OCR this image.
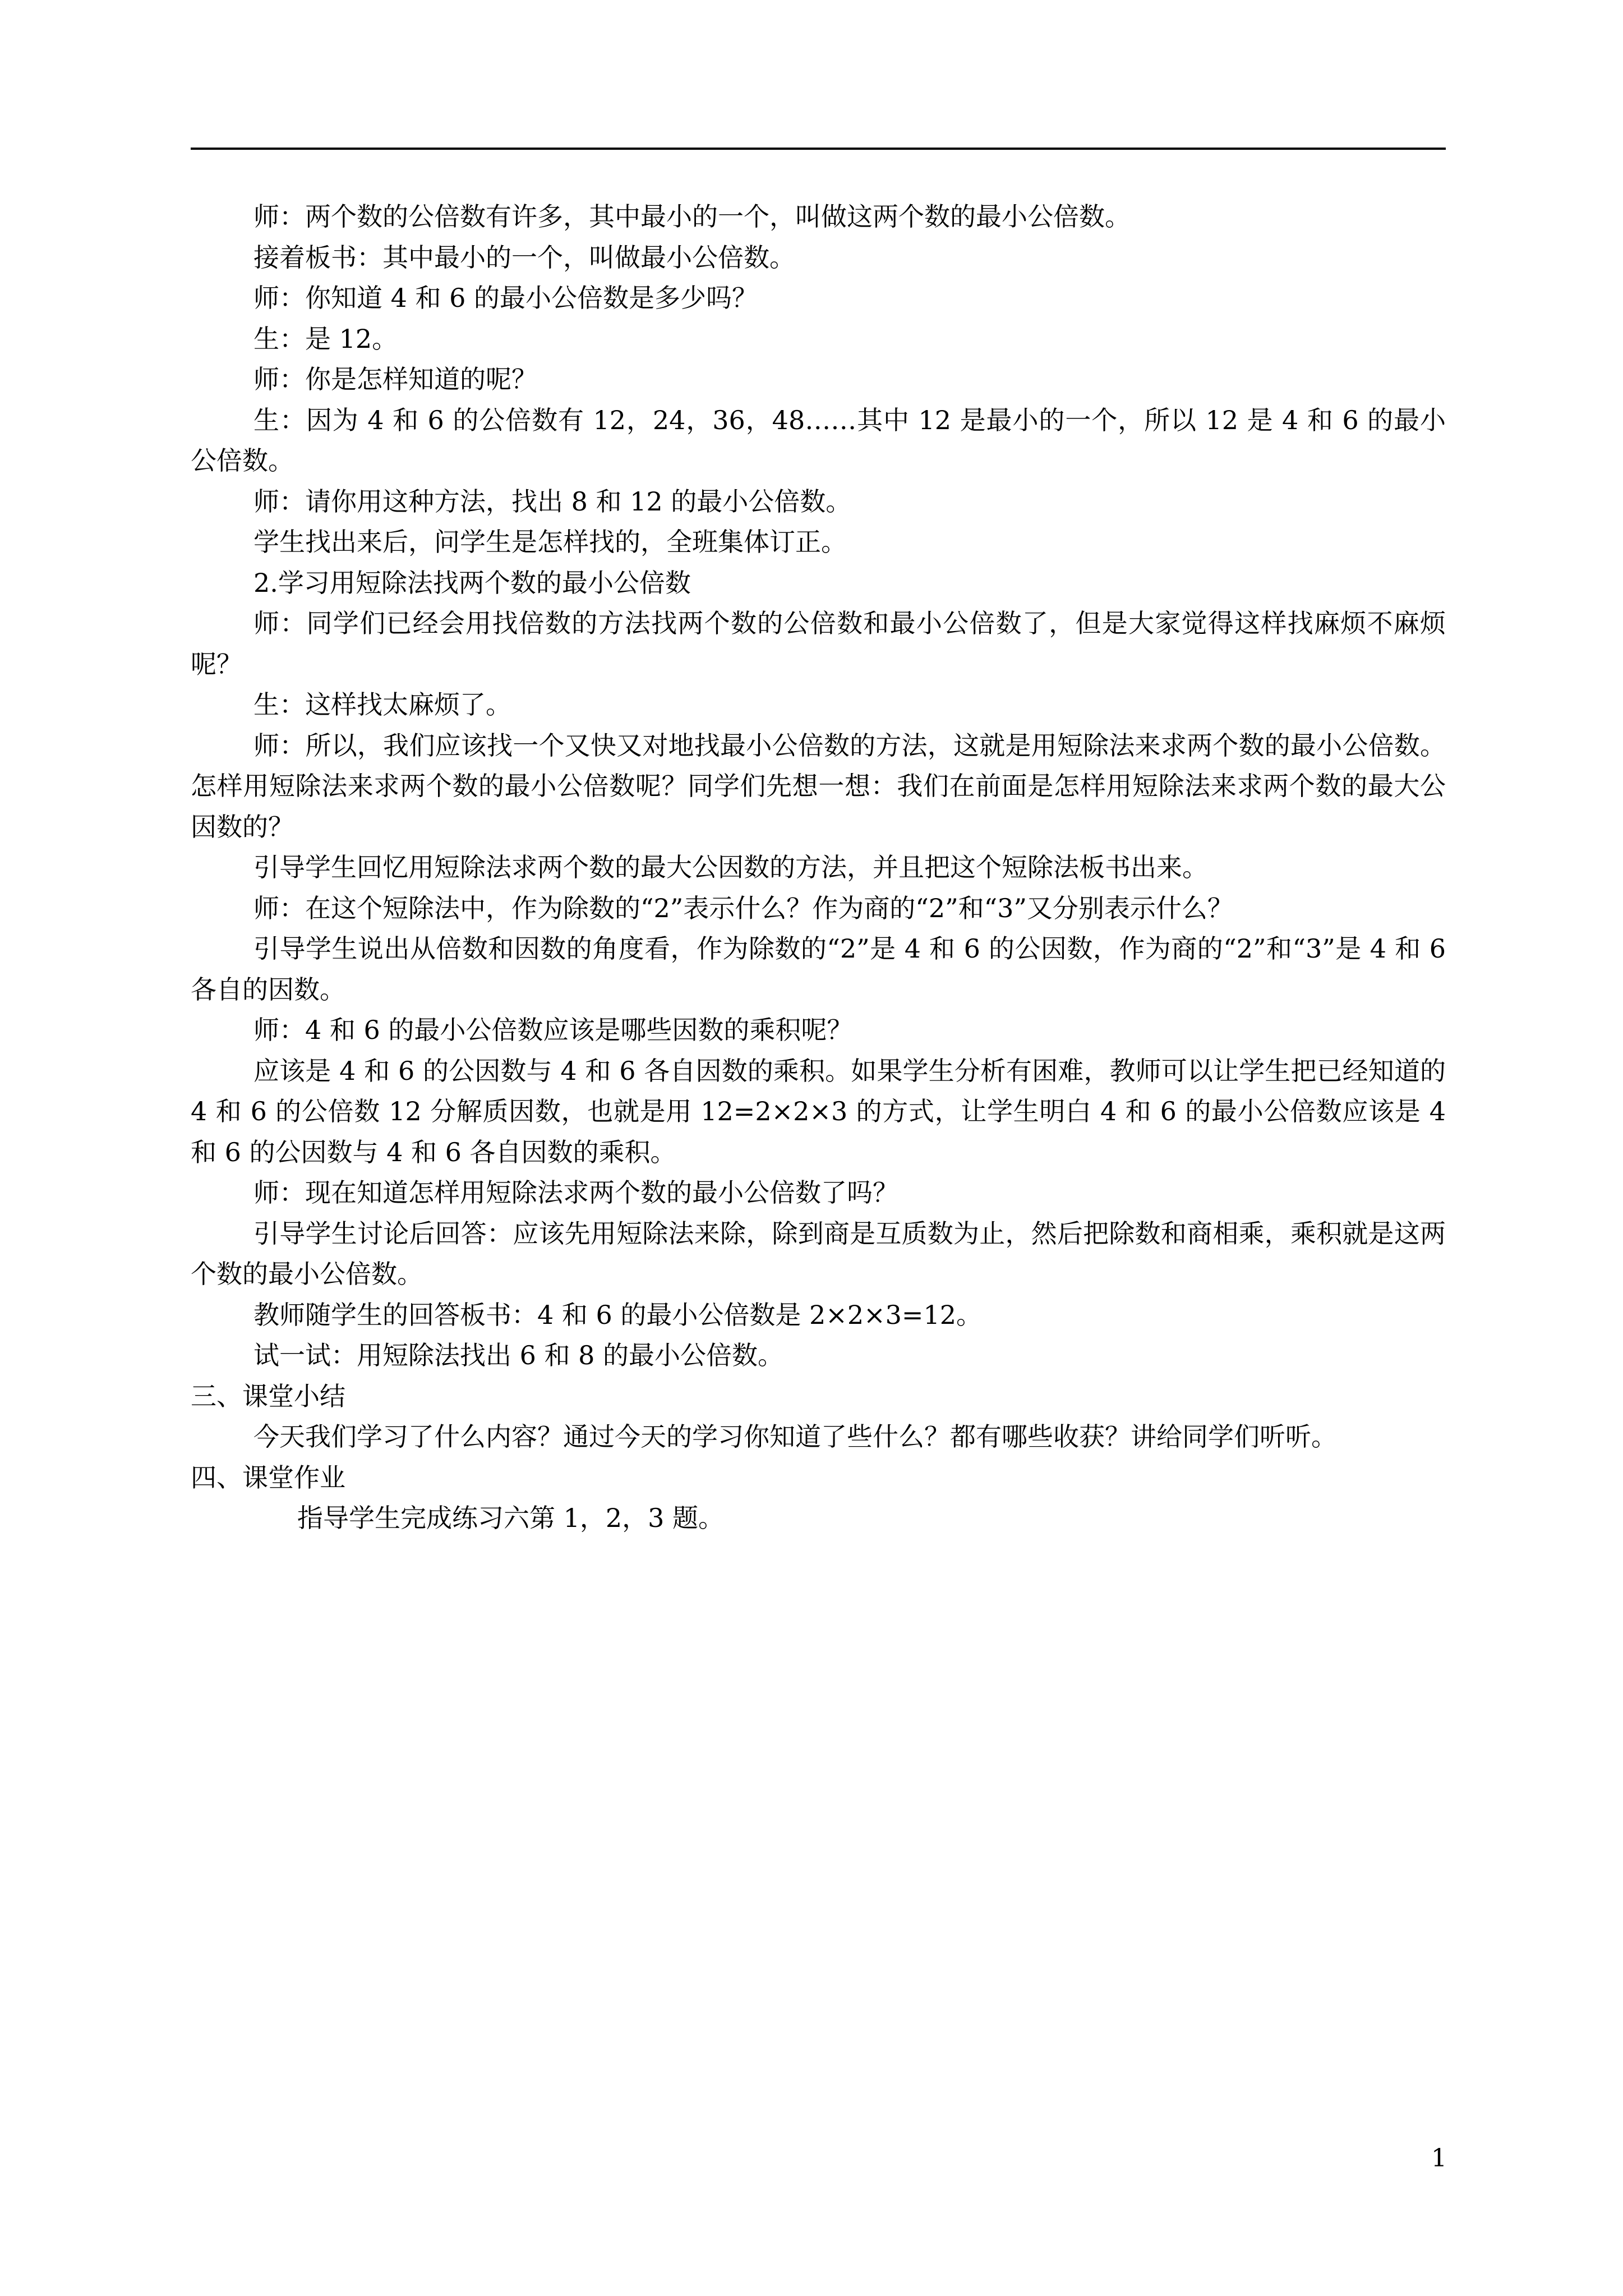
师：两个数的公倍数有许多，其中最小的一个，叫做这两个数的最小公倍数。

接着板书：其中最小的一个，叫做最小公倍数。

师：你知道 4 和 6 的最小公倍数是多少吗？

生：是 12。

师：你是怎样知道的呢？

生：因为 4 和 6 的公倍数有 12，24，36，48……其中 12 是最小的一个，所以 12 是 4 和 6 的最小公倍数。

师：请你用这种方法，找出 8 和 12 的最小公倍数。

学生找出来后，问学生是怎样找的，全班集体订正。

2.学习用短除法找两个数的最小公倍数

师：同学们已经会用找倍数的方法找两个数的公倍数和最小公倍数了，但是大家觉得这样找麻烦不麻烦呢？

生：这样找太麻烦了。

师：所以，我们应该找一个又快又对地找最小公倍数的方法，这就是用短除法来求两个数的最小公倍数。怎样用短除法来求两个数的最小公倍数呢？同学们先想一想：我们在前面是怎样用短除法来求两个数的最大公因数的？

引导学生回忆用短除法求两个数的最大公因数的方法，并且把这个短除法板书出来。

师：在这个短除法中，作为除数的“2”表示什么？作为商的“2”和“3”又分别表示什么？

引导学生说出从倍数和因数的角度看，作为除数的“2”是 4 和 6 的公因数，作为商的“2”和“3”是 4 和 6 各自的因数。

师：4 和 6 的最小公倍数应该是哪些因数的乘积呢？

应该是 4 和 6 的公因数与 4 和 6 各自因数的乘积。如果学生分析有困难，教师可以让学生把已经知道的 4 和 6 的公倍数 12 分解质因数，也就是用 12=2×2×3 的方式，让学生明白 4 和 6 的最小公倍数应该是 4 和 6 的公因数与 4 和 6 各自因数的乘积。

师：现在知道怎样用短除法求两个数的最小公倍数了吗？

引导学生讨论后回答：应该先用短除法来除，除到商是互质数为止，然后把除数和商相乘，乘积就是这两个数的最小公倍数。

教师随学生的回答板书：4 和 6 的最小公倍数是 2×2×3=12。

试一试：用短除法找出 6 和 8 的最小公倍数。

三、课堂小结

今天我们学习了什么内容？通过今天的学习你知道了些什么？都有哪些收获？讲给同学们听听。

四、课堂作业

指导学生完成练习六第 1，2，3 题。

1
